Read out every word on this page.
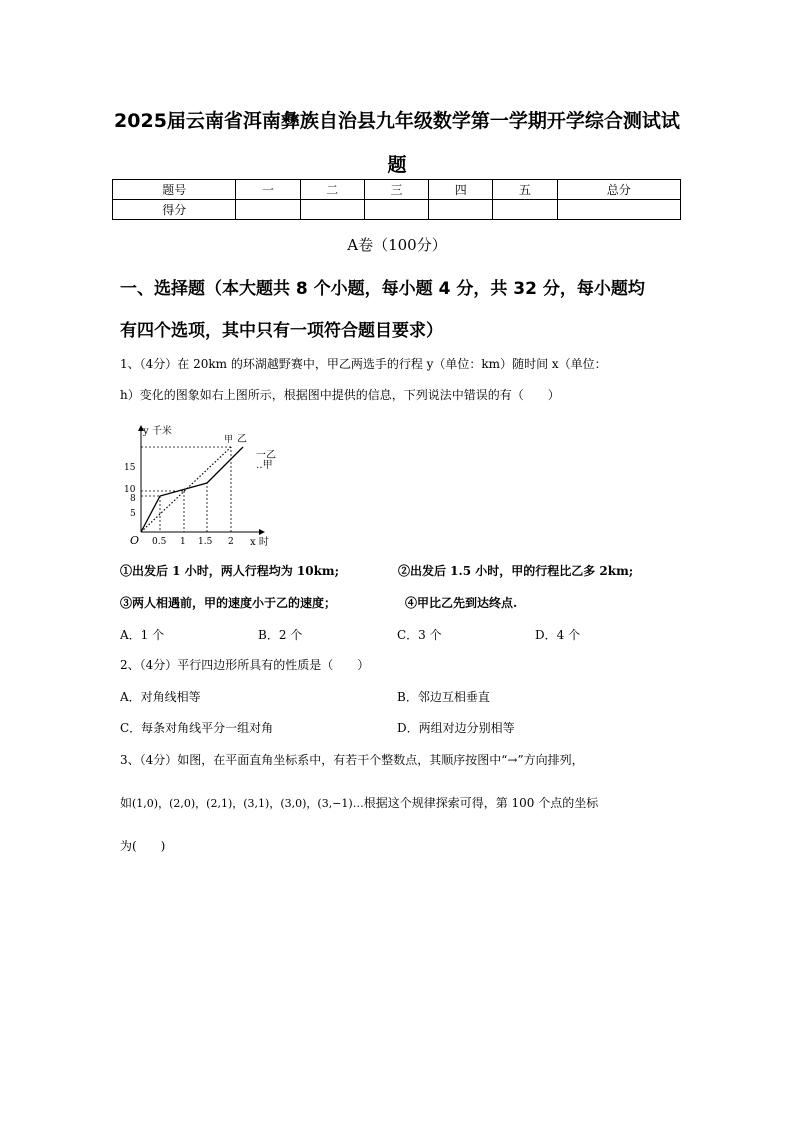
2025届云南省洱南彝族自治县九年级数学第一学期开学综合测试试
题
题号	一	二	三	四	五	总分
得分						
A卷（100分）
一、选择题（本大题共 8 个小题，每小题 4 分，共 32 分，每小题均
有四个选项，其中只有一项符合题目要求）
1、（4分）在 20km 的环湖越野赛中，甲乙两选手的行程 y（单位：km）随时间 x（单位：
h）变化的图象如右上图所示，根据图中提供的信息，下列说法中错误的有（　　）
y 千米
x 时
O
15
10
8
5
0.5 1 1.5 2
甲 乙
一乙
‥甲
①出发后 1 小时，两人行程均为 10km;	②出发后 1.5 小时，甲的行程比乙多 2km;
③两人相遇前，甲的速度小于乙的速度；	④甲比乙先到达终点.
A．1 个	B．2 个	C．3 个	D．4 个
2、（4分）平行四边形所具有的性质是（　　）
A．对角线相等	B．邻边互相垂直
C．每条对角线平分一组对角	D．两组对边分别相等
3、（4分）如图，在平面直角坐标系中，有若干个整数点，其顺序按图中“→”方向排列，
如(1,0)，(2,0)，(2,1)，(3,1)，(3,0)，(3,−1)…根据这个规律探索可得，第 100 个点的坐标
为(　　)
